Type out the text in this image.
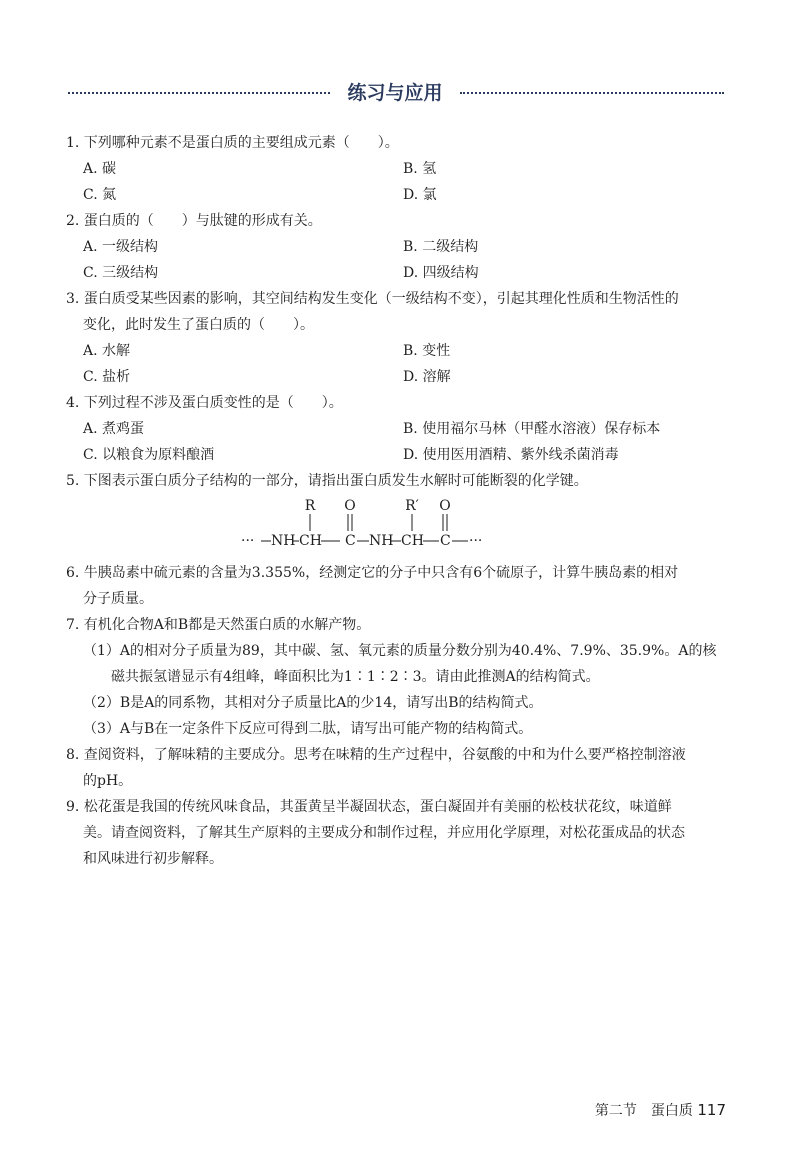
练习与应用
1. 下列哪种元素不是蛋白质的主要组成元素（　　）。
A. 碳	B. 氢
C. 氮	D. 氯
2. 蛋白质的（　　）与肽键的形成有关。
A. 一级结构	B. 二级结构
C. 三级结构	D. 四级结构
3. 蛋白质受某些因素的影响，其空间结构发生变化（一级结构不变），引起其理化性质和生物活性的
变化，此时发生了蛋白质的（　　）。
A. 水解	B. 变性
C. 盐析	D. 溶解
4. 下列过程不涉及蛋白质变性的是（　　）。
A. 煮鸡蛋	B. 使用福尔马林（甲醛水溶液）保存标本
C. 以粮食为原料酿酒	D. 使用医用酒精、紫外线杀菌消毒
5. 下图表示蛋白质分子结构的一部分，请指出蛋白质发生水解时可能断裂的化学键。
R O	R′ O
··· NH CH C NH CH C ···
6. 牛胰岛素中硫元素的含量为3.355%，经测定它的分子中只含有6个硫原子，计算牛胰岛素的相对
分子质量。
7. 有机化合物A和B都是天然蛋白质的水解产物。
（1）A的相对分子质量为89，其中碳、氢、氧元素的质量分数分别为40.4%、7.9%、35.9%。A的核
磁共振氢谱显示有4组峰，峰面积比为1∶1∶2∶3。请由此推测A的结构简式。
（2）B是A的同系物，其相对分子质量比A的少14，请写出B的结构简式。
（3）A与B在一定条件下反应可得到二肽，请写出可能产物的结构简式。
8. 查阅资料，了解味精的主要成分。思考在味精的生产过程中，谷氨酸的中和为什么要严格控制溶液
的pH。
9. 松花蛋是我国的传统风味食品，其蛋黄呈半凝固状态，蛋白凝固并有美丽的松枝状花纹，味道鲜
美。请查阅资料，了解其生产原料的主要成分和制作过程，并应用化学原理，对松花蛋成品的状态
和风味进行初步解释。
第二节　蛋白质 117
